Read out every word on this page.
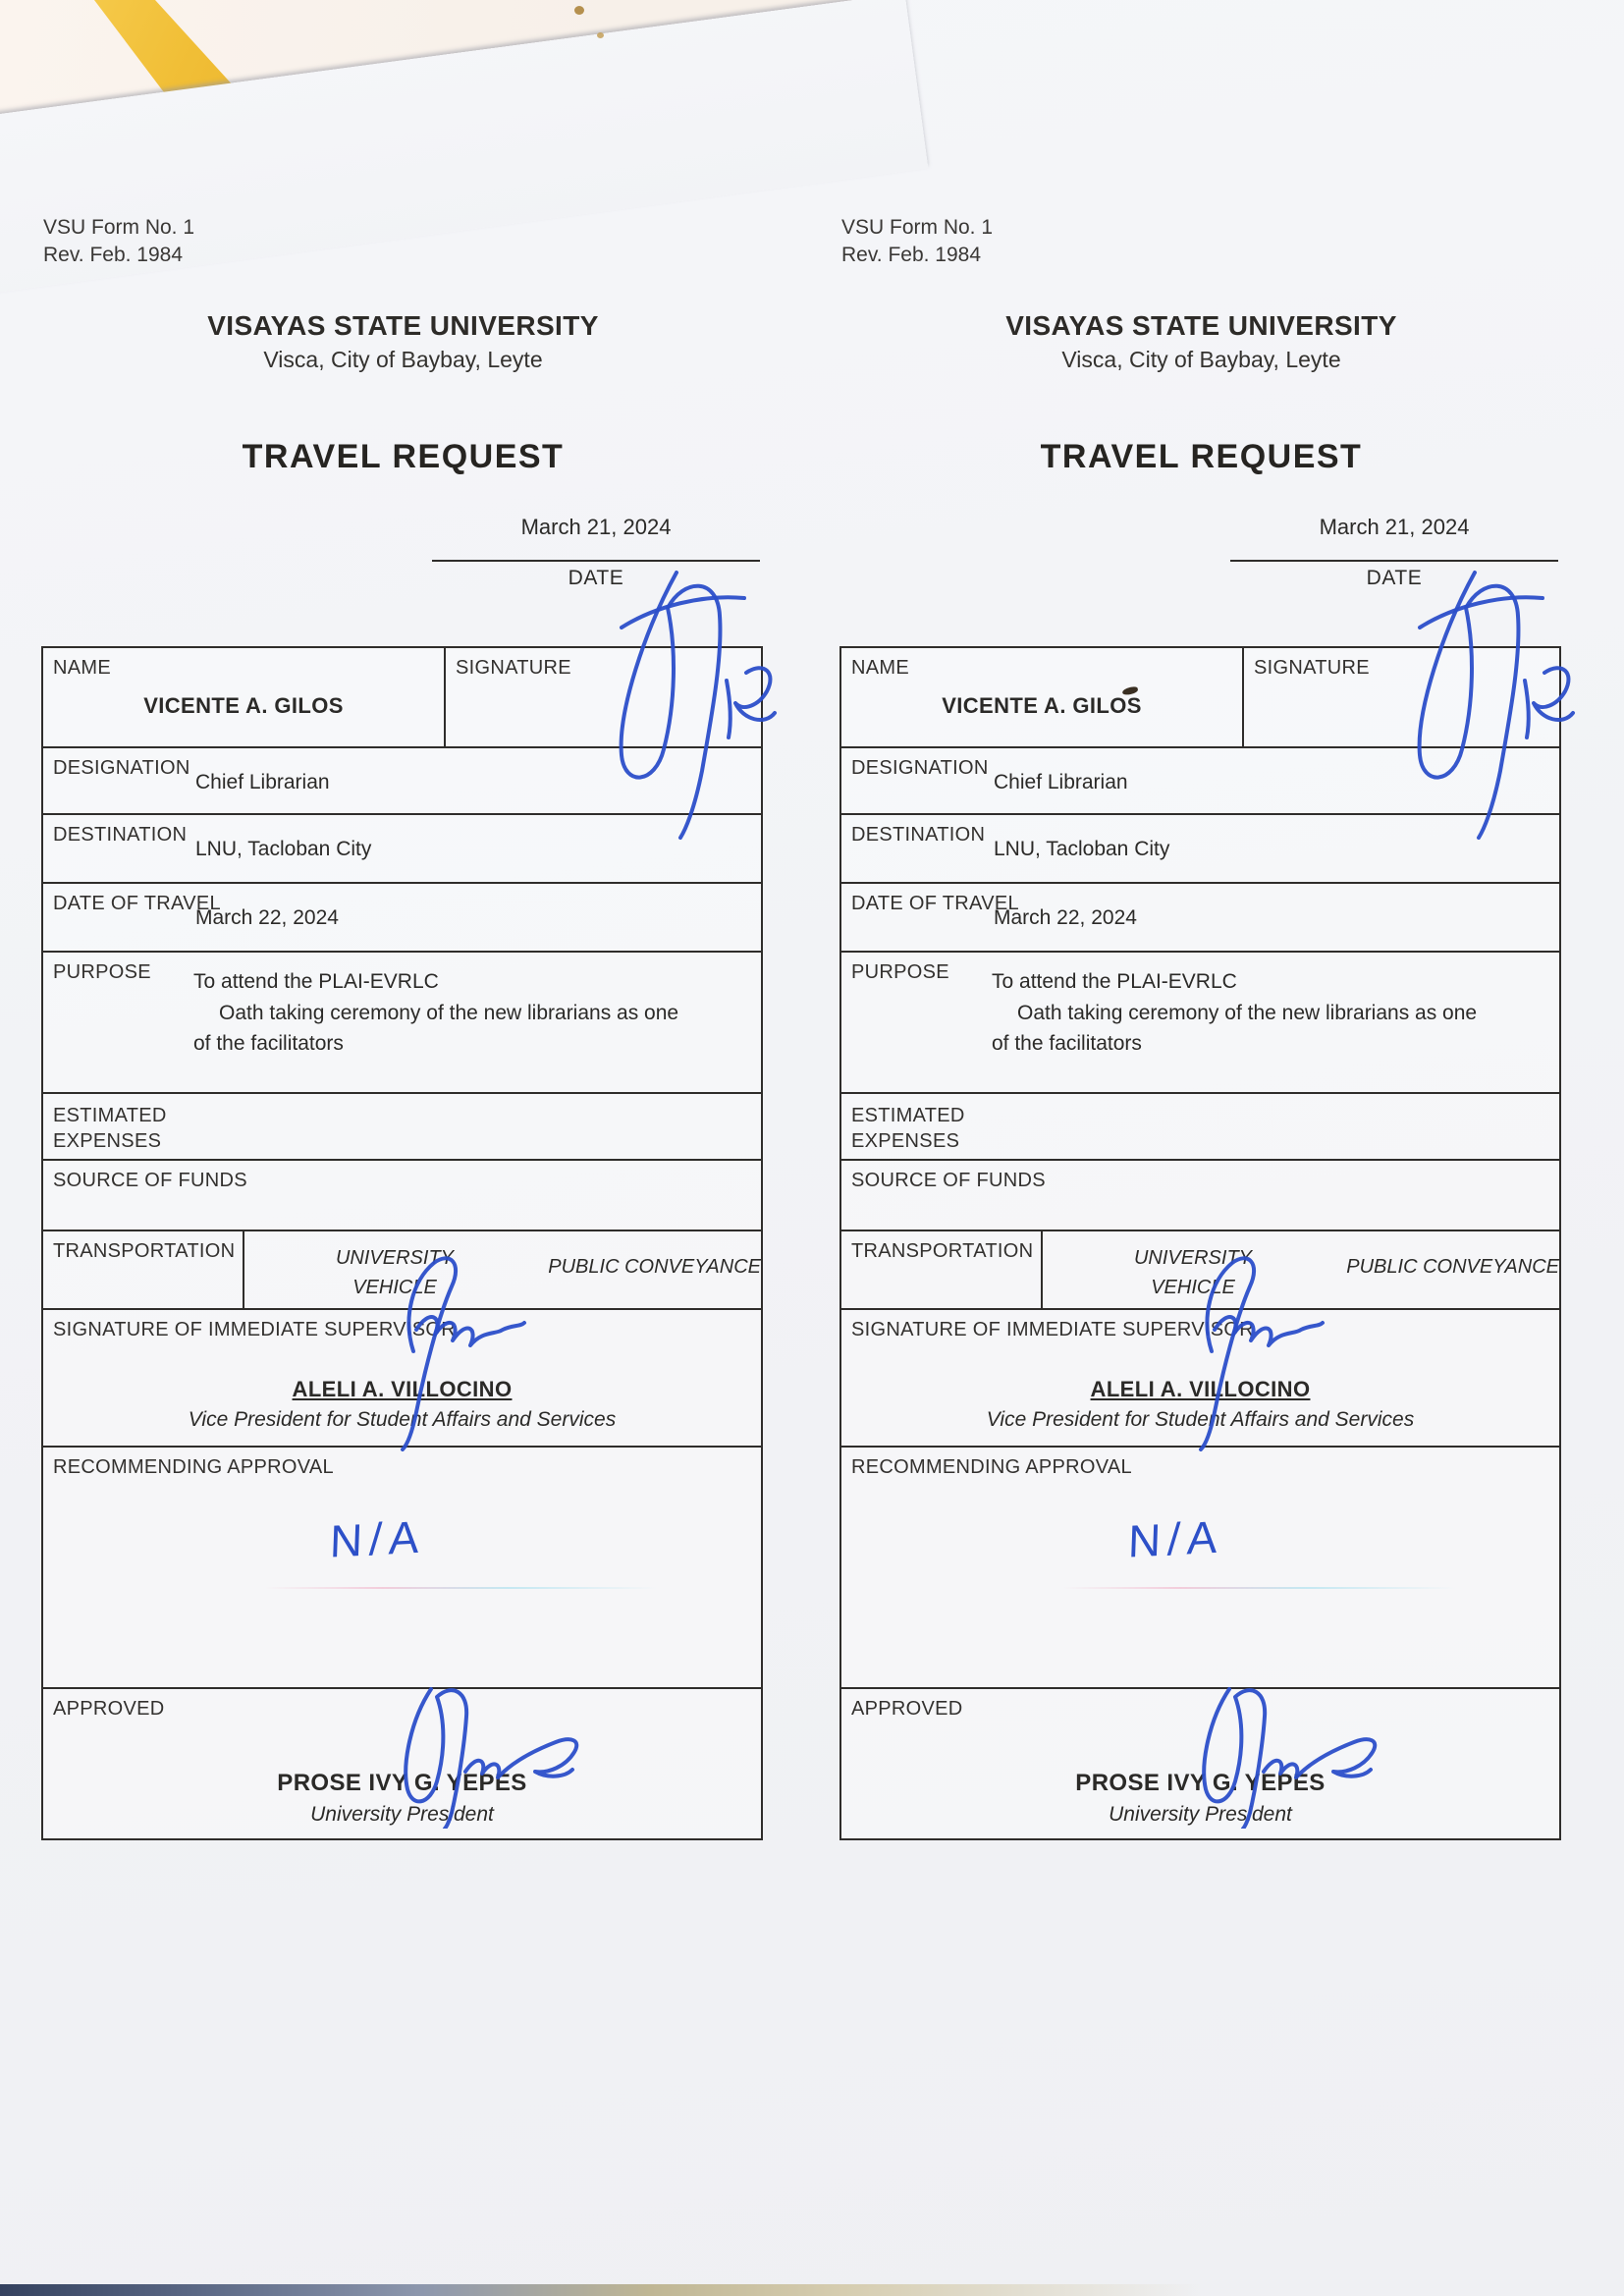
VSU Form No. 1
Rev. Feb. 1984
VISAYAS STATE UNIVERSITY
Visca, City of Baybay, Leyte
TRAVEL REQUEST
March 21, 2024
DATE
NAME
VICENTE A. GILOS
SIGNATURE
DESIGNATION
Chief Librarian
DESTINATION
LNU, Tacloban City
DATE OF TRAVEL
March 22, 2024
PURPOSE To attend the PLAI-EVRLC
Oath taking ceremony of the new librarians as one
of the facilitators
ESTIMATED
EXPENSES
SOURCE OF FUNDS
TRANSPORTATION	UNIVERSITY
VEHICLE
PUBLIC CONVEYANCE
SIGNATURE OF IMMEDIATE SUPERVISOR
ALELI A. VILLOCINO
Vice President for Student Affairs and Services
RECOMMENDING APPROVAL
N/A
APPROVED
PROSE IVY G. YEPES
University President
VSU Form No. 1
Rev. Feb. 1984
VISAYAS STATE UNIVERSITY
Visca, City of Baybay, Leyte
TRAVEL REQUEST
March 21, 2024
DATE
NAME
VICENTE A. GILOS
SIGNATURE
DESIGNATION
Chief Librarian
DESTINATION
LNU, Tacloban City
DATE OF TRAVEL
March 22, 2024
PURPOSE To attend the PLAI-EVRLC
Oath taking ceremony of the new librarians as one
of the facilitators
ESTIMATED
EXPENSES
SOURCE OF FUNDS
TRANSPORTATION	UNIVERSITY
VEHICLE
PUBLIC CONVEYANCE
SIGNATURE OF IMMEDIATE SUPERVISOR
ALELI A. VILLOCINO
Vice President for Student Affairs and Services
RECOMMENDING APPROVAL
N/A
APPROVED
PROSE IVY G. YEPES
University President
